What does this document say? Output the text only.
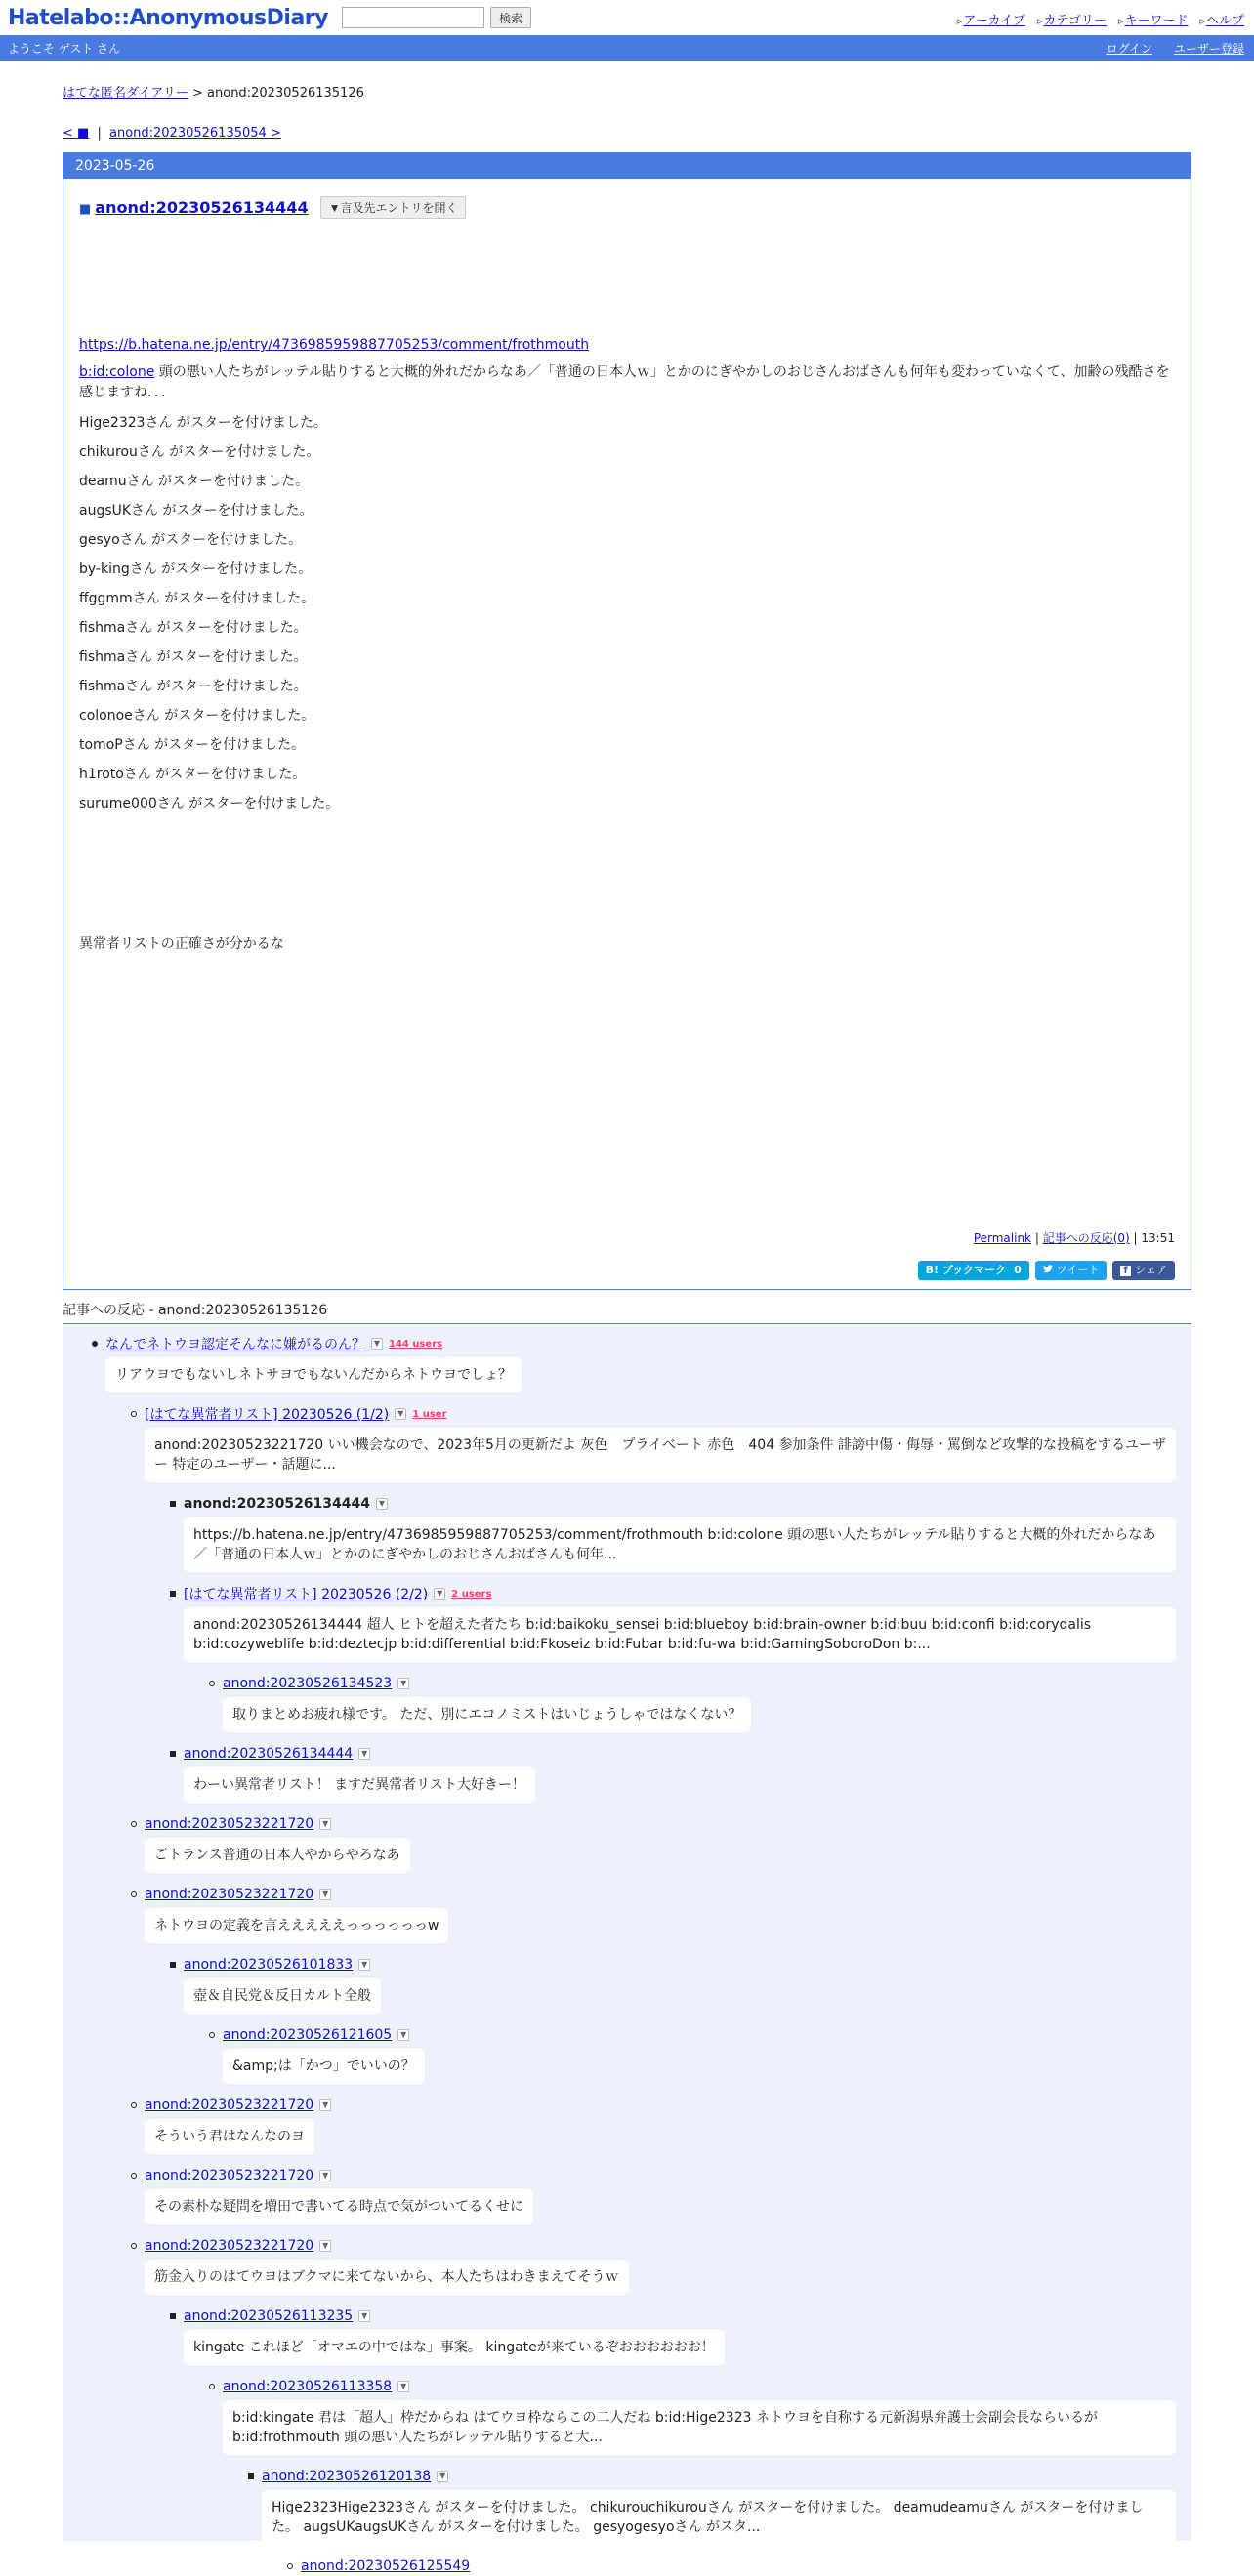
Hatelabo::AnonymousDiary	検索	▹ アーカイブ	▹ カテゴリー	▹ キーワード	▹ ヘルプ
ようこそ ゲスト さん	ログイン ユーザー登録
はてな匿名ダイアリー > anond:20230526135126
< ■ | anond:20230526135054 >
2023-05-26
■ anond:20230526134444	▼言及先エントリを開く
https://b.hatena.ne.jp/entry/4736985959887705253/comment/frothmouth

b:id:colone 頭の悪い人たちがレッテル貼りすると大概的外れだからなあ／「普通の日本人ｗ」とかのにぎやかしのおじさんおばさんも何年も変わっていなくて、加齢の残酷さを感じますね．．．

Hige2323さん がスターを付けました。

chikurouさん がスターを付けました。

deamuさん がスターを付けました。

augsUKさん がスターを付けました。

gesyoさん がスターを付けました。

by-kingさん がスターを付けました。

ffggmmさん がスターを付けました。

fishmaさん がスターを付けました。

fishmaさん がスターを付けました。

fishmaさん がスターを付けました。

colonoeさん がスターを付けました。

tomoPさん がスターを付けました。

h1rotoさん がスターを付けました。

surume000さん がスターを付けました。

異常者リストの正確さが分かるな

Permalink | 記事への反応(0) | 13:51
B! ブックマーク 0	ツイート	f シェア
記事への反応 - anond:20230526135126
なんでネトウヨ認定そんなに嫌がるのん？	▼ 144 users
リアウヨでもないしネトサヨでもないんだからネトウヨでしょ？
[はてな異常者リスト] 20230526 (1/2)	▼ 1 user
anond:20230523221720 いい機会なので、2023年5月の更新だよ 灰色　プライベート 赤色　404 参加条件 誹謗中傷・侮辱・罵倒など攻撃的な投稿をするユーザー 特定のユーザー・話題に...
anond:20230526134444	▼
https://b.hatena.ne.jp/entry/4736985959887705253/comment/frothmouth b:id:colone 頭の悪い人たちがレッテル貼りすると大概的外れだからなあ／「普通の日本人ｗ」とかのにぎやかしのおじさんおばさんも何年...
[はてな異常者リスト] 20230526 (2/2)	▼ 2 users
anond:20230526134444 超人 ヒトを超えた者たち b:id:baikoku_sensei b:id:blueboy b:id:brain-owner b:id:buu b:id:confi b:id:corydalis b:id:cozyweblife b:id:deztecjp b:id:differential b:id:Fkoseiz b:id:Fubar b:id:fu-wa b:id:GamingSoboroDon b:...
anond:20230526134523	▼
取りまとめお疲れ様です。 ただ、別にエコノミストはいじょうしゃではなくない？
anond:20230526134444	▼
わーい異常者リスト！ ますだ異常者リスト大好きー！
anond:20230523221720	▼
ごトランス普通の日本人やからやろなあ
anond:20230523221720	▼
ネトウヨの定義を言えええええっっっっっっw
anond:20230526101833	▼
壺＆自民党＆反日カルト全般
anond:20230526121605	▼
&amp;は「かつ」でいいの？
anond:20230523221720	▼
そういう君はなんなのヨ
anond:20230523221720	▼
その素朴な疑問を増田で書いてる時点で気がついてるくせに
anond:20230523221720	▼
筋金入りのはてウヨはブクマに来てないから、本人たちはわきまえてそうｗ
anond:20230526113235	▼
kingate これほど「オマエの中ではな」事案。 kingateが来ているぞおおおおおお！
anond:20230526113358	▼
b:id:kingate 君は「超人」枠だからね はてウヨ枠ならこの二人だね b:id:Hige2323 ネトウヨを自称する元新潟県弁護士会副会長ならいるが b:id:frothmouth 頭の悪い人たちがレッテル貼りすると大...
anond:20230526120138	▼
Hige2323Hige2323さん がスターを付けました。 chikurouchikurouさん がスターを付けました。 deamudeamuさん がスターを付けました。 augsUKaugsUKさん がスターを付けました。 gesyogesyoさん がスタ...
anond:20230526125549
